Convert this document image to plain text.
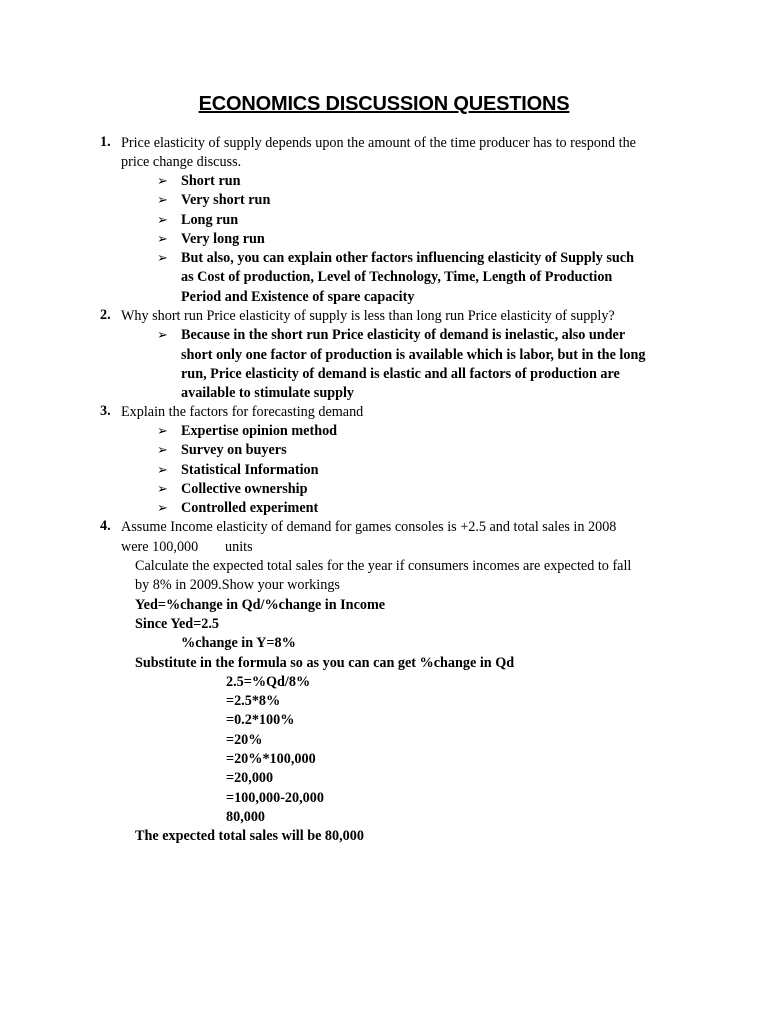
ECONOMICS DISCUSSION QUESTIONS
1. Price elasticity of supply depends upon the amount of the time producer has to respond the
price change discuss.
➢ Short run
➢ Very short run
➢ Long run
➢ Very long run
➢ But also, you can explain other factors influencing elasticity of Supply such
as Cost of production, Level of Technology, Time, Length of Production
Period and Existence of spare capacity
2. Why short run Price elasticity of supply is less than long run Price elasticity of supply?
➢ Because in the short run Price elasticity of demand is inelastic, also under
short only one factor of production is available which is labor, but in the long
run, Price elasticity of demand is elastic and all factors of production are
available to stimulate supply
3. Explain the factors for forecasting demand
➢ Expertise opinion method
➢ Survey on buyers
➢ Statistical Information
➢ Collective ownership
➢ Controlled experiment
4. Assume Income elasticity of demand for games consoles is +2.5 and total sales in 2008
were 100,000 units
Calculate the expected total sales for the year if consumers incomes are expected to fall
by 8% in 2009.Show your workings
Yed=%change in Qd/%change in Income
Since Yed=2.5
%change in Y=8%
Substitute in the formula so as you can can get %change in Qd
2.5=%Qd/8%
=2.5*8%
=0.2*100%
=20%
=20%*100,000
=20,000
=100,000-20,000
80,000
The expected total sales will be 80,000
